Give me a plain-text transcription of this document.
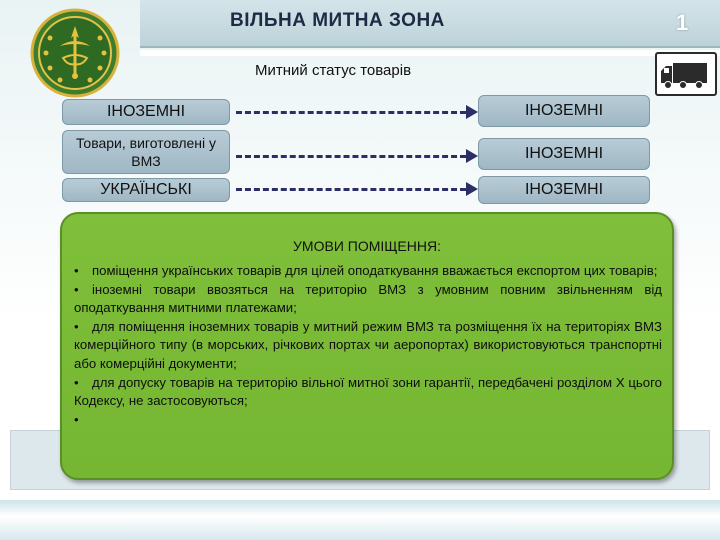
ВІЛЬНА МИТНА ЗОНА	1
Митний статус товарів
ІНОЗЕМНІ	ІНОЗЕМНІ
Товари, виготовлені у ВМЗ	ІНОЗЕМНІ
УКРАЇНСЬКІ	ІНОЗЕМНІ
УМОВИ ПОМІЩЕННЯ:

• поміщення українських товарів для цілей оподаткування вважається експортом цих товарів;

• іноземні товари ввозяться на територію ВМЗ з умовним повним звільненням від оподаткування митними платежами;

• для поміщення іноземних товарів у митний режим ВМЗ та розміщення їх на територіях ВМЗ комерційного типу (в морських, річкових портах чи аеропортах) використовуються транспортні або комерційні документи;

• для допуску товарів на територію вільної митної зони гарантії, передбачені розділом X цього Кодексу, не застосовуються;

•
